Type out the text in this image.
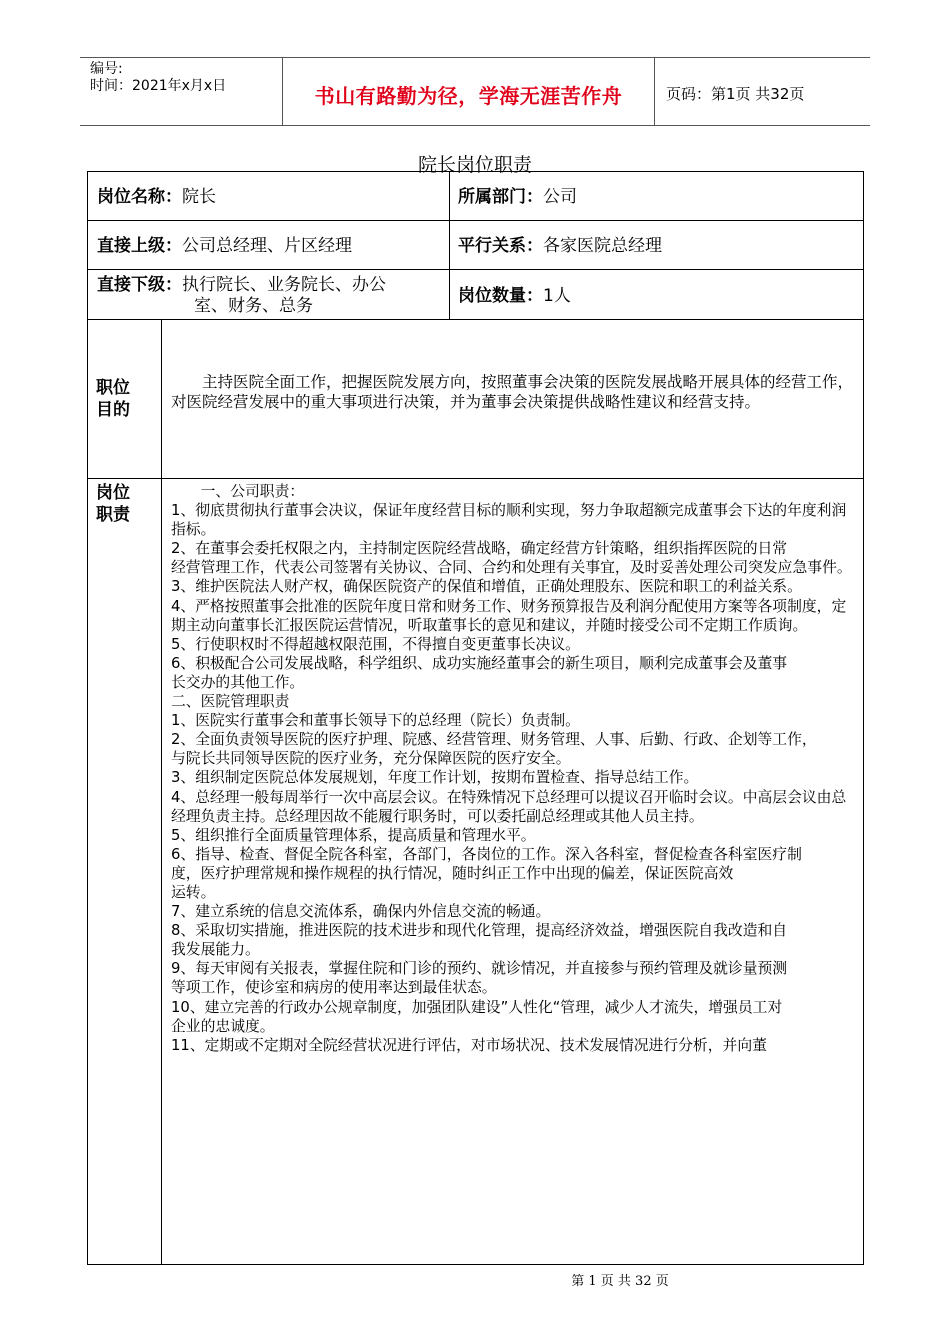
编号:
时间：2021年x月x日	书山有路勤为径，学海无涯苦作舟	页码：第1页 共32页
院长岗位职责
岗位名称：院长	所属部门：公司
直接上级：公司总经理、片区经理	平行关系：各家医院总经理
直接下级：执行院长、业务院长、办公
室、财务、总务	岗位数量：1人
职位
目的
主持医院全面工作，把握医院发展方向，按照董事会决策的医院发展战略开展具体的经营工作，对医院经营发展中的重大事项进行决策，并为董事会决策提供战略性建议和经营支持。
岗位
职责
　　一、公司职责：
1、彻底贯彻执行董事会决议，保证年度经营目标的顺利实现，努力争取超额完成董事会下达的年度利润指标。
2、在董事会委托权限之内，主持制定医院经营战略，确定经营方针策略，组织指挥医院的日常
经营管理工作，代表公司签署有关协议、合同、合约和处理有关事宜，及时妥善处理公司突发应急事件。
3、维护医院法人财产权，确保医院资产的保值和增值，正确处理股东、医院和职工的利益关系。
4、严格按照董事会批准的医院年度日常和财务工作、财务预算报告及利润分配使用方案等各项制度，定期主动向董事长汇报医院运营情况，听取董事长的意见和建议，并随时接受公司不定期工作质询。
5、行使职权时不得超越权限范围，不得擅自变更董事长决议。
6、积极配合公司发展战略，科学组织、成功实施经董事会的新生项目，顺利完成董事会及董事
长交办的其他工作。
二、医院管理职责
1、医院实行董事会和董事长领导下的总经理（院长）负责制。
2、全面负责领导医院的医疗护理、院感、经营管理、财务管理、人事、后勤、行政、企划等工作，
与院长共同领导医院的医疗业务，充分保障医院的医疗安全。
3、组织制定医院总体发展规划，年度工作计划，按期布置检查、指导总结工作。
4、总经理一般每周举行一次中高层会议。在特殊情况下总经理可以提议召开临时会议。中高层会议由总经理负责主持。总经理因故不能履行职务时，可以委托副总经理或其他人员主持。
5、组织推行全面质量管理体系，提高质量和管理水平。
6、指导、检查、督促全院各科室，各部门，各岗位的工作。深入各科室，督促检查各科室医疗制
度，医疗护理常规和操作规程的执行情况，随时纠正工作中出现的偏差，保证医院高效
运转。
7、建立系统的信息交流体系，确保内外信息交流的畅通。
8、采取切实措施，推进医院的技术进步和现代化管理，提高经济效益，增强医院自我改造和自
我发展能力。
9、每天审阅有关报表，掌握住院和门诊的预约、就诊情况，并直接参与预约管理及就诊量预测
等项工作，使诊室和病房的使用率达到最佳状态。
10、建立完善的行政办公规章制度，加强团队建设”人性化“管理，减少人才流失，增强员工对
企业的忠诚度。
11、定期或不定期对全院经营状况进行评估，对市场状况、技术发展情况进行分析，并向董
第 1 页 共 32 页
